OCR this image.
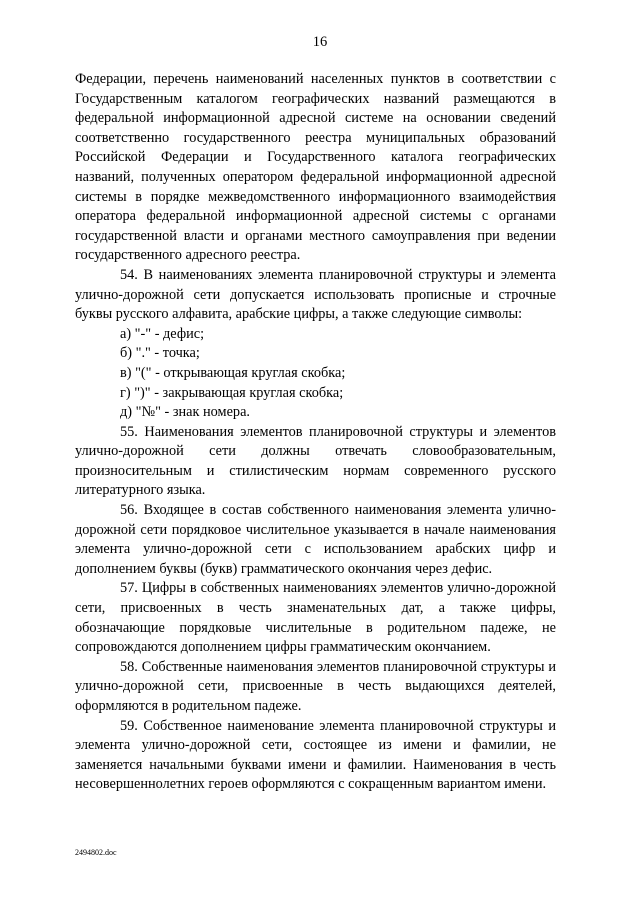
16

Федерации, перечень наименований населенных пунктов в соответствии с Государственным каталогом географических названий размещаются в федеральной информационной адресной системе на основании сведений соответственно государственного реестра муниципальных образований Российской Федерации и Государственного каталога географических названий, полученных оператором федеральной информационной адресной системы в порядке межведомственного информационного взаимодействия оператора федеральной информационной адресной системы с органами государственной власти и органами местного самоуправления при ведении государственного адресного реестра.

54. В наименованиях элемента планировочной структуры и элемента улично-дорожной сети допускается использовать прописные и строчные буквы русского алфавита, арабские цифры, а также следующие символы:

а) "-" - дефис;

б) "." - точка;

в) "(" - открывающая круглая скобка;

г) ")" - закрывающая круглая скобка;

д) "№" - знак номера.

55. Наименования элементов планировочной структуры и элементов улично-дорожной сети должны отвечать словообразовательным, произносительным и стилистическим нормам современного русского литературного языка.

56. Входящее в состав собственного наименования элемента улично-дорожной сети порядковое числительное указывается в начале наименования элемента улично-дорожной сети с использованием арабских цифр и дополнением буквы (букв) грамматического окончания через дефис.

57. Цифры в собственных наименованиях элементов улично-дорожной сети, присвоенных в честь знаменательных дат, а также цифры, обозначающие порядковые числительные в родительном падеже, не сопровождаются дополнением цифры грамматическим окончанием.

58. Собственные наименования элементов планировочной структуры и улично-дорожной сети, присвоенные в честь выдающихся деятелей, оформляются в родительном падеже.

59. Собственное наименование элемента планировочной структуры и элемента улично-дорожной сети, состоящее из имени и фамилии, не заменяется начальными буквами имени и фамилии. Наименования в честь несовершеннолетних героев оформляются с сокращенным вариантом имени.

2494802.doc
